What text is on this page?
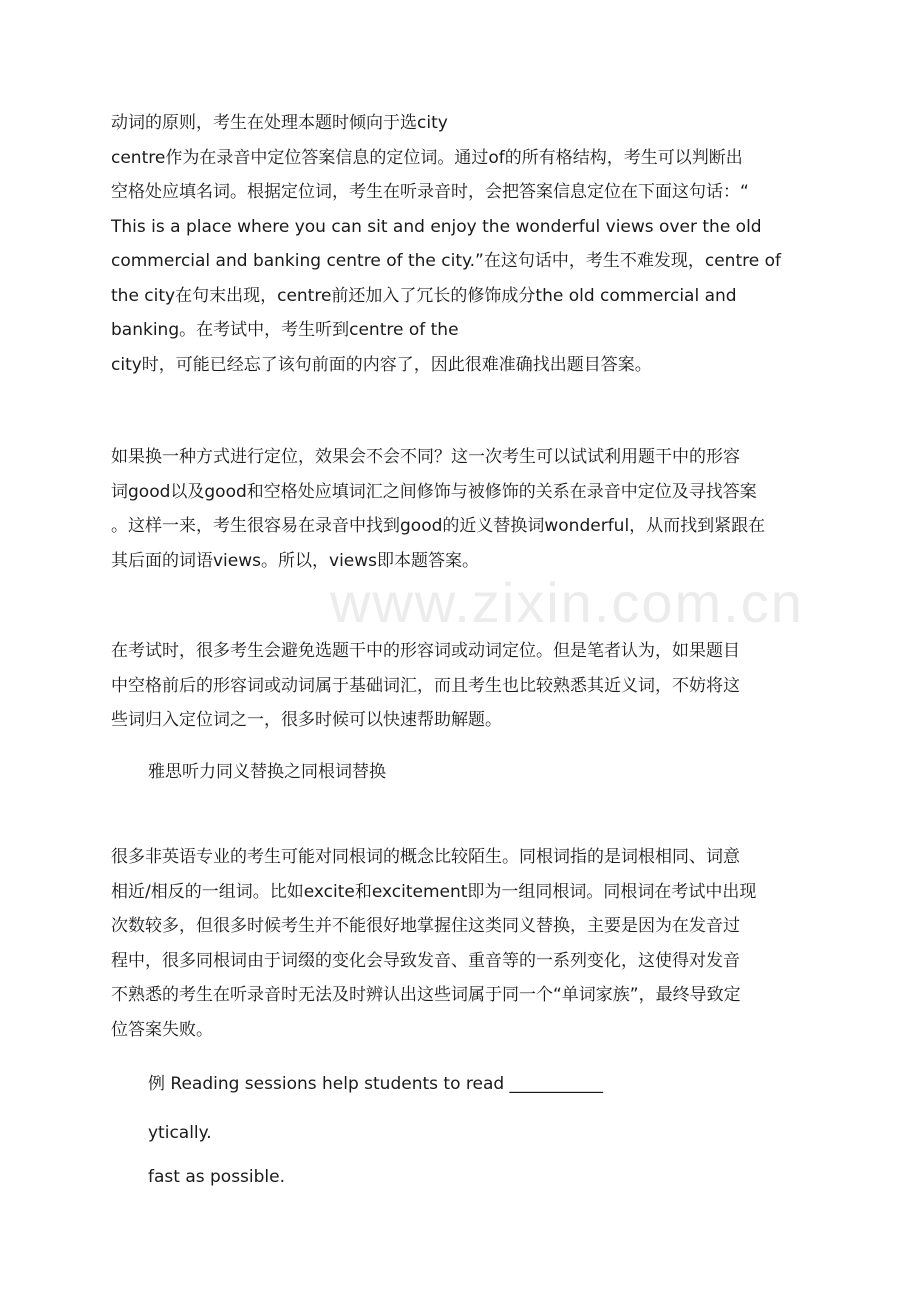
www.zixin.com.cn

动词的原则，考生在处理本题时倾向于选city
centre作为在录音中定位答案信息的定位词。通过of的所有格结构，考生可以判断出
空格处应填名词。根据定位词，考生在听录音时，会把答案信息定位在下面这句话：“
This is a place where you can sit and enjoy the wonderful views over the old
commercial and banking centre of the city.”在这句话中，考生不难发现，centre of
the city在句末出现，centre前还加入了冗长的修饰成分the old commercial and
banking。在考试中，考生听到centre of the
city时，可能已经忘了该句前面的内容了，因此很难准确找出题目答案。

如果换一种方式进行定位，效果会不会不同？这一次考生可以试试利用题干中的形容
词good以及good和空格处应填词汇之间修饰与被修饰的关系在录音中定位及寻找答案
。这样一来，考生很容易在录音中找到good的近义替换词wonderful，从而找到紧跟在
其后面的词语views。所以，views即本题答案。

在考试时，很多考生会避免选题干中的形容词或动词定位。但是笔者认为，如果题目
中空格前后的形容词或动词属于基础词汇，而且考生也比较熟悉其近义词，不妨将这
些词归入定位词之一，很多时候可以快速帮助解题。

雅思听力同义替换之同根词替换

很多非英语专业的考生可能对同根词的概念比较陌生。同根词指的是词根相同、词意
相近/相反的一组词。比如excite和excitement即为一组同根词。同根词在考试中出现
次数较多，但很多时候考生并不能很好地掌握住这类同义替换，主要是因为在发音过
程中，很多同根词由于词缀的变化会导致发音、重音等的一系列变化，这使得对发音
不熟悉的考生在听录音时无法及时辨认出这些词属于同一个“单词家族”，最终导致定
位答案失败。

例 Reading sessions help students to read ___________

ytically.

fast as possible.
